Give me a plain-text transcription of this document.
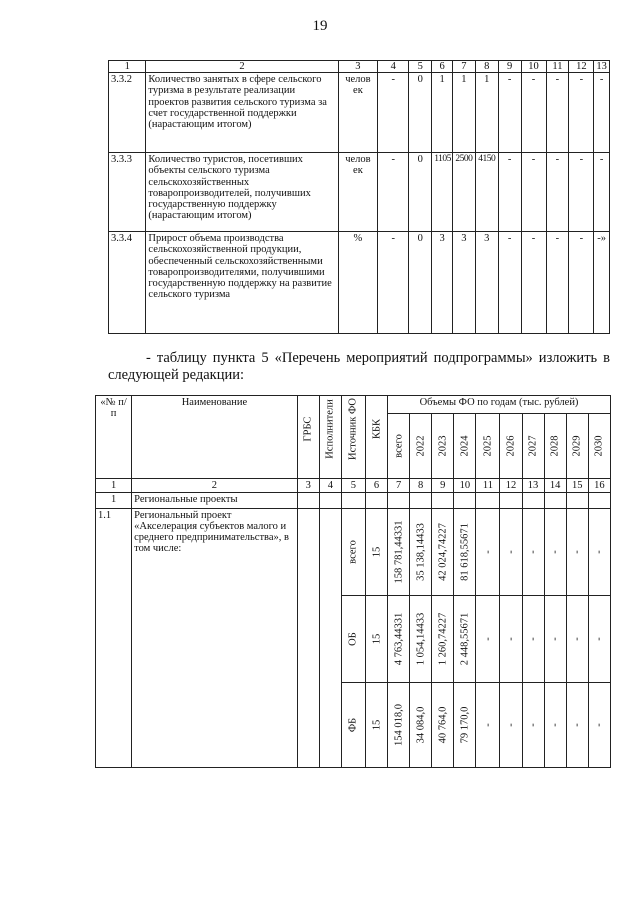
19
1	2	3	4	5	6	7	8	9	10	11	12	13
3.3.2	Количество занятых в сфере сельского туризма в результате реализации проектов развития сельского туризма за счет государственной поддержки (нарастающим итогом)	челов ек	-	0	1	1	1	-	-	-	-	-
3.3.3	Количество туристов, посетивших объекты сельского туризма сельскохозяйственных товаропроизводителей, получивших государственную поддержку (нарастающим итогом)	челов ек	-	0	1105	2500	4150	-	-	-	-	-
3.3.4	Прирост объема производства сельскохозяйственной продукции, обеспеченный сельскохозяйственными товаропроизводителями, получившими государственную поддержку на развитие сельского туризма	%	-	0	3	3	3	-	-	-	-	-»
- таблицу пункта 5 «Перечень мероприятий подпрограммы» изложить в
следующей редакции:
«№ п/п	Наименование	ГРБС	Исполнители	Источник ФО	КБК	Объемы ФО по годам (тыс. рублей)									

						всего	2022	2023	2024	2025	2026	2027	2028	2029	2030

1	2	3	4	5	6	7	8	9	10	11	12	13	14	15	16
1	Региональные проекты														
1.1	Региональный проект «Акселерация субъектов малого и среднего предпринимательства», в том числе:			всего	15	158 781,44331	35 138,14433	42 024,74227	81 618,55671	-	-	-	-	-	-

				ОБ	15	4 763,44331	1 054,14433	1 260,74227	2 448,55671	-	-	-	-	-	-

				ФБ	15	154 018,0	34 084,0	40 764,0	79 170,0	-	-	-	-	-	-
